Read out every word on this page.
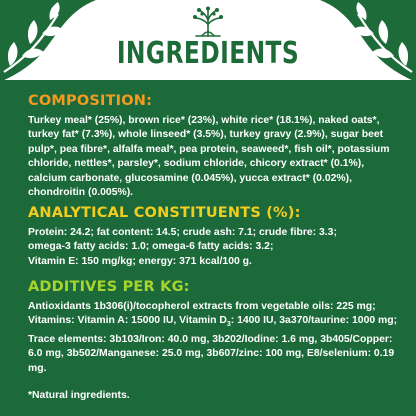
INGREDIENTS
COMPOSITION:
Turkey meal* (25%), brown rice* (23%), white rice* (18.1%), naked oats*, turkey fat* (7.3%), whole linseed* (3.5%), turkey gravy (2.9%), sugar beet pulp*, pea fibre*, alfalfa meal*, pea protein, seaweed*, fish oil*, potassium chloride, nettles*, parsley*, sodium chloride, chicory extract* (0.1%), calcium carbonate, glucosamine (0.045%), yucca extract* (0.02%), chondroitin (0.005%).
ANALYTICAL CONSTITUENTS (%):
Protein: 24.2; fat content: 14.5; crude ash: 7.1; crude fibre: 3.3;
omega-3 fatty acids: 1.0; omega-6 fatty acids: 3.2;
Vitamin E: 150 mg/kg; energy: 371 kcal/100 g.
ADDITIVES PER KG:
Antioxidants 1b306(i)/tocopherol extracts from vegetable oils: 225 mg; Vitamins: Vitamin A: 15000 IU, Vitamin $D_3$: 1400 IU, 3a370/taurine: 1000 mg; Trace elements: 3b103/Iron: 40.0 mg, 3b202/Iodine: 1.6 mg, 3b405/Copper: 6.0 mg, 3b502/Manganese: 25.0 mg, 3b607/zinc: 100 mg, E8/selenium: 0.19 mg.
*Natural ingredients.
